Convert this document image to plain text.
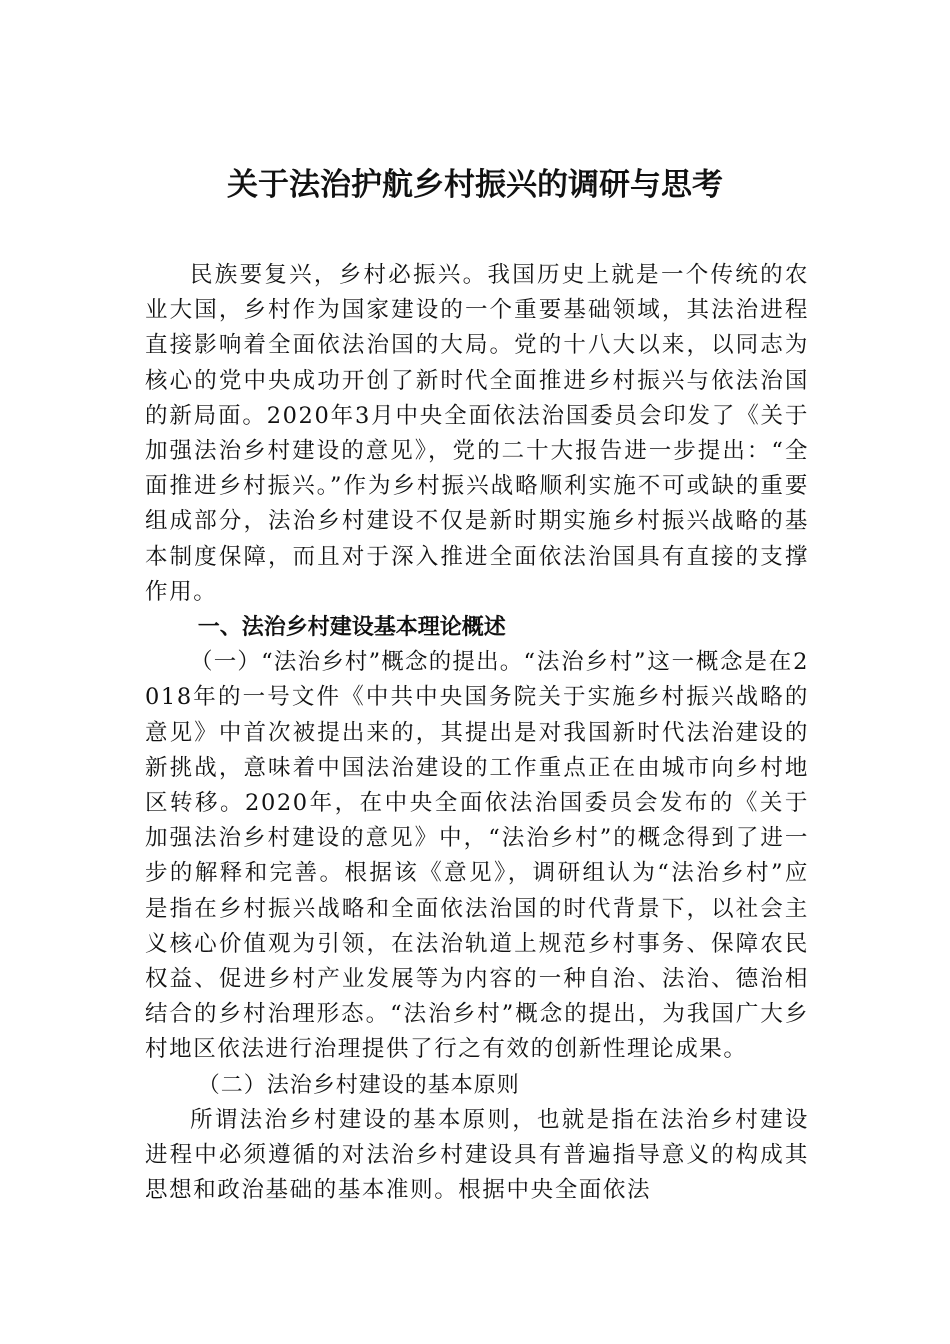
关于法治护航乡村振兴的调研与思考

民族要复兴，乡村必振兴。我国历史上就是一个传统的农业大国，乡村作为国家建设的一个重要基础领域，其法治进程直接影响着全面依法治国的大局。党的十八大以来，以同志为核心的党中央成功开创了新时代全面推进乡村振兴与依法治国的新局面。2020年3月中央全面依法治国委员会印发了《关于加强法治乡村建设的意见》，党的二十大报告进一步提出：“全面推进乡村振兴。”作为乡村振兴战略顺利实施不可或缺的重要组成部分，法治乡村建设不仅是新时期实施乡村振兴战略的基本制度保障，而且对于深入推进全面依法治国具有直接的支撑作用。

一、法治乡村建设基本理论概述

（一）“法治乡村”概念的提出。“法治乡村”这一概念是在2018年的一号文件《中共中央国务院关于实施乡村振兴战略的意见》中首次被提出来的，其提出是对我国新时代法治建设的新挑战，意味着中国法治建设的工作重点正在由城市向乡村地区转移。2020年，在中央全面依法治国委员会发布的《关于加强法治乡村建设的意见》中，“法治乡村”的概念得到了进一步的解释和完善。根据该《意见》，调研组认为“法治乡村”应是指在乡村振兴战略和全面依法治国的时代背景下，以社会主义核心价值观为引领，在法治轨道上规范乡村事务、保障农民权益、促进乡村产业发展等为内容的一种自治、法治、德治相结合的乡村治理形态。“法治乡村”概念的提出，为我国广大乡村地区依法进行治理提供了行之有效的创新性理论成果。

（二）法治乡村建设的基本原则

所谓法治乡村建设的基本原则，也就是指在法治乡村建设进程中必须遵循的对法治乡村建设具有普遍指导意义的构成其思想和政治基础的基本准则。根据中央全面依法
